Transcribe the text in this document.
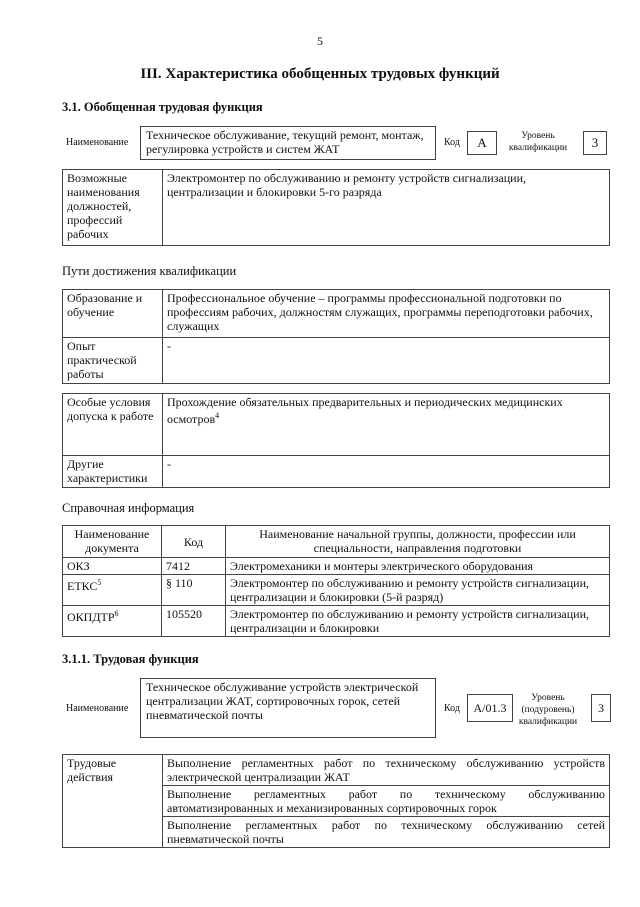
5
III. Характеристика обобщенных трудовых функций
3.1. Обобщенная трудовая функция
Наименование
Техническое обслуживание, текущий ремонт, монтаж, регулировка устройств и систем ЖАТ	Код	А	Уровень квалификации	3
Возможные наименования должностей, профессий рабочих	Электромонтер по обслуживанию и ремонту устройств сигнализации, централизации и блокировки 5-го разряда
Пути достижения квалификации
Образование и обучение	Профессиональное обучение – программы профессиональной подготовки по профессиям рабочих, должностям служащих, программы переподготовки рабочих, служащих
Опыт практической работы	-
Особые условия допуска к работе	Прохождение обязательных предварительных и периодических медицинских осмотров$^4$
Другие характеристики	-
Справочная информация
Наименование документа	Код	Наименование начальной группы, должности, профессии или специальности, направления подготовки
ОКЗ	7412	Электромеханики и монтеры электрического оборудования
ЕТКС$^5$	§ 110	Электромонтер по обслуживанию и ремонту устройств сигнализации, централизации и блокировки (5-й разряд)
ОКПДТР$^6$	105520	Электромонтер по обслуживанию и ремонту устройств сигнализации, централизации и блокировки
3.1.1. Трудовая функция
Наименование
Техническое обслуживание устройств электрической централизации ЖАТ, сортировочных горок, сетей пневматической почты	Код	А/01.3
Уровень (подуровень) квалификации
3
Трудовые действия	Выполнение регламентных работ по техническому обслуживанию устройств электрической централизации ЖАТ
Выполнение регламентных работ по техническому обслуживанию автоматизированных и механизированных сортировочных горок
Выполнение регламентных работ по техническому обслуживанию сетей пневматической почты
